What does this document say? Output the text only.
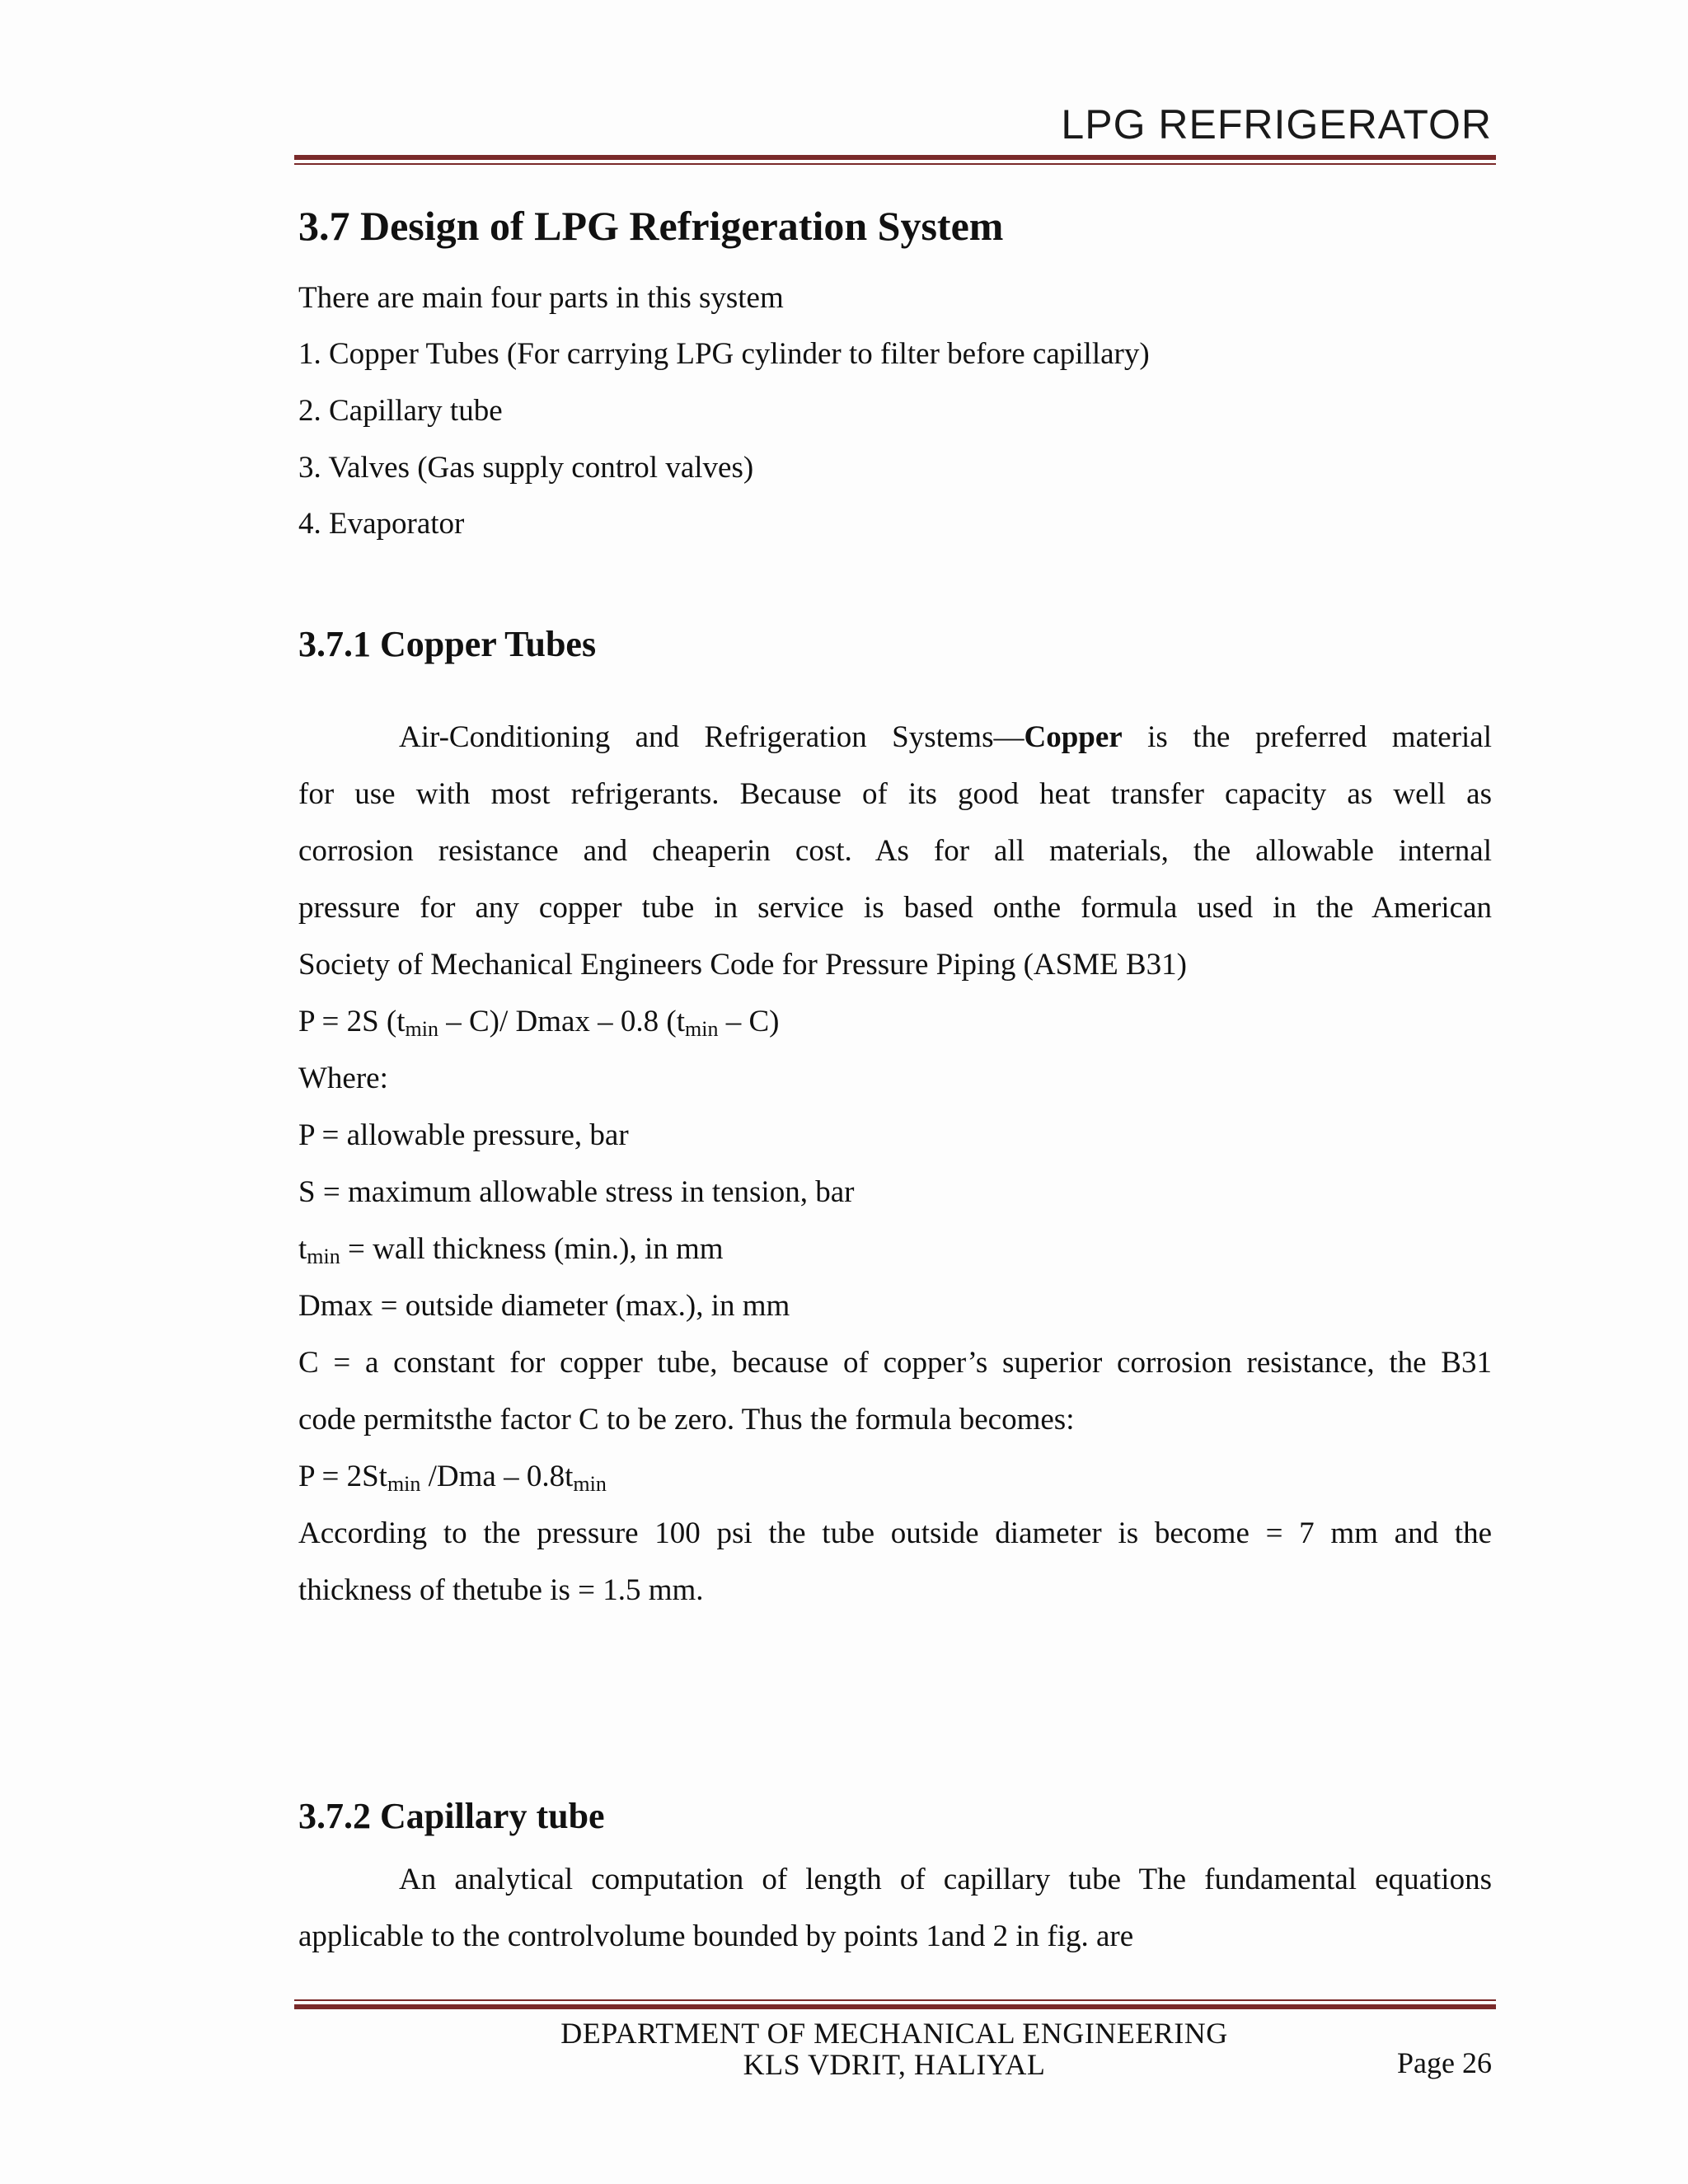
LPG REFRIGERATOR
3.7 Design of LPG Refrigeration System
There are main four parts in this system
1. Copper Tubes (For carrying LPG cylinder to filter before capillary)
2. Capillary tube
3. Valves (Gas supply control valves)
4. Evaporator
3.7.1 Copper Tubes
Air-Conditioning and Refrigeration Systems—Copper is the preferred material
for use with most refrigerants. Because of its good heat transfer capacity as well as
corrosion resistance and cheaperin cost. As for all materials, the allowable internal
pressure for any copper tube in service is based onthe formula used in the American
Society of Mechanical Engineers Code for Pressure Piping (ASME B31)
P = 2S $(t_{min} - C)/$ Dmax – 0.8 $(t_{min} - C)$
Where:
P = allowable pressure, bar
S = maximum allowable stress in tension, bar
$t_{min}$ = wall thickness (min.), in mm
Dmax = outside diameter (max.), in mm
C = a constant for copper tube, because of copper’s superior corrosion resistance, the B31
code permitsthe factor C to be zero. Thus the formula becomes:
$P = 2St_{min}$ $/Dma - 0.8t_{min}$
According to the pressure 100 psi the tube outside diameter is become = 7 mm and the
thickness of thetube is = 1.5 mm.
3.7.2 Capillary tube
An analytical computation of length of capillary tube The fundamental equations
applicable to the controlvolume bounded by points 1and 2 in fig. are
DEPARTMENT OF MECHANICAL ENGINEERING
KLS VDRIT, HALIYAL	Page 26
